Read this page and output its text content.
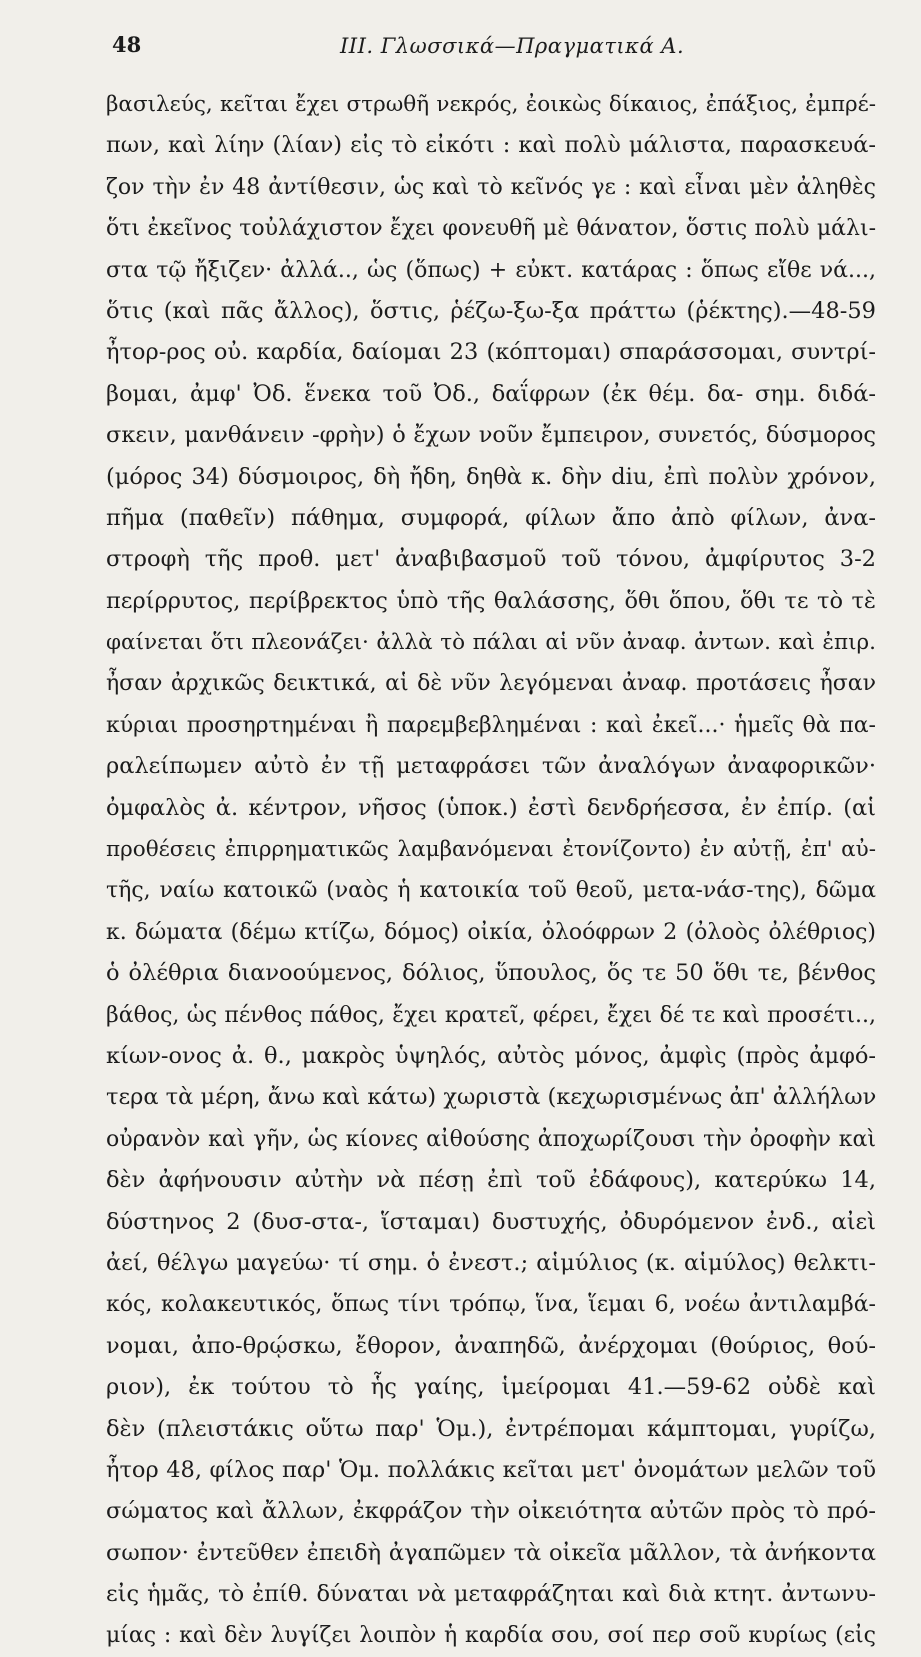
48	ΙΙΙ. Γλωσσικά—Πραγματικά Α.
βασιλεύς, κεῖται ἔχει στρωθῆ νεκρός, ἐοικὼς δίκαιος, ἐπάξιος, ἐμπρέ-
πων, καὶ λίην (λίαν) εἰς τὸ εἰκότι : καὶ πολὺ μάλιστα, παρασκευά-
ζον τὴν ἐν 48 ἀντίθεσιν, ὡς καὶ τὸ κεῖνός γε : καὶ εἶναι μὲν ἀληθὲς
ὅτι ἐκεῖνος τοὐλάχιστον ἔχει φονευθῆ μὲ θάνατον, ὅστις πολὺ μάλι-
στα τῷ ἤξιζεν· ἀλλά.., ὡς (ὅπως) + εὐκτ. κατάρας : ὅπως εἴθε νά...,
ὅτις (καὶ πᾶς ἄλλος), ὅστις, ῥέζω-ξω-ξα πράττω (ῥέκτης).—48-59
ἦτορ-ρος οὐ. καρδία, δαίομαι 23 (κόπτομαι) σπαράσσομαι, συντρί-
βομαι, ἀμφ' Ὀδ. ἕνεκα τοῦ Ὀδ., δαΐφρων (ἐκ θέμ. δα- σημ. διδά-
σκειν, μανθάνειν -φρὴν) ὁ ἔχων νοῦν ἔμπειρον, συνετός, δύσμορος
(μόρος 34) δύσμοιρος, δὴ ἤδη, δηθὰ κ. δὴν diu, ἐπὶ πολὺν χρόνον,
πῆμα (παθεῖν) πάθημα, συμφορά, φίλων ἄπο ἀπὸ φίλων, ἀνα-
στροφὴ τῆς προθ. μετ' ἀναβιβασμοῦ τοῦ τόνου, ἀμφίρυτος 3-2
περίρρυτος, περίβρεκτος ὑπὸ τῆς θαλάσσης, ὅθι ὅπου, ὅθι τε τὸ τὲ
φαίνεται ὅτι πλεονάζει· ἀλλὰ τὸ πάλαι αἱ νῦν ἀναφ. ἀντων. καὶ ἐπιρ.
ἦσαν ἀρχικῶς δεικτικά, αἱ δὲ νῦν λεγόμεναι ἀναφ. προτάσεις ἦσαν
κύριαι προσηρτημέναι ἢ παρεμβεβλημέναι : καὶ ἐκεῖ...· ἡμεῖς θὰ πα-
ραλείπωμεν αὐτὸ ἐν τῇ μεταφράσει τῶν ἀναλόγων ἀναφορικῶν·
ὀμφαλὸς ἀ. κέντρον, νῆσος (ὑποκ.) ἐστὶ δενδρήεσσα, ἐν ἐπίρ. (αἱ
προθέσεις ἐπιρρηματικῶς λαμβανόμεναι ἐτονίζοντο) ἐν αὐτῇ, ἐπ' αὐ-
τῆς, ναίω κατοικῶ (ναὸς ἡ κατοικία τοῦ θεοῦ, μετα-νάσ-της), δῶμα
κ. δώματα (δέμω κτίζω, δόμος) οἰκία, ὀλοόφρων 2 (ὀλοὸς ὀλέθριος)
ὁ ὀλέθρια διανοούμενος, δόλιος, ὕπουλος, ὅς τε 50 ὅθι τε, βένθος
βάθος, ὡς πένθος πάθος, ἔχει κρατεῖ, φέρει, ἔχει δέ τε καὶ προσέτι..,
κίων-ονος ἀ. θ., μακρὸς ὑψηλός, αὐτὸς μόνος, ἀμφὶς (πρὸς ἀμφό-
τερα τὰ μέρη, ἄνω καὶ κάτω) χωριστὰ (κεχωρισμένως ἀπ' ἀλλήλων
οὐρανὸν καὶ γῆν, ὡς κίονες αἰθούσης ἀποχωρίζουσι τὴν ὀροφὴν καὶ
δὲν ἀφήνουσιν αὐτὴν νὰ πέσῃ ἐπὶ τοῦ ἐδάφους), κατερύκω 14,
δύστηνος 2 (δυσ-στα-, ἵσταμαι) δυστυχής, ὀδυρόμενον ἐνδ., αἰεὶ
ἀεί, θέλγω μαγεύω· τί σημ. ὁ ἐνεστ.; αἱμύλιος (κ. αἱμύλος) θελκτι-
κός, κολακευτικός, ὅπως τίνι τρόπῳ, ἵνα, ἵεμαι 6, νοέω ἀντιλαμβά-
νομαι, ἀπο-θρῴσκω, ἔθορον, ἀναπηδῶ, ἀνέρχομαι (θούριος, θού-
ριον), ἐκ τούτου τὸ ἧς γαίης, ἱμείρομαι 41.—59-62 οὐδὲ καὶ
δὲν (πλειστάκις οὕτω παρ' Ὁμ.), ἐντρέπομαι κάμπτομαι, γυρίζω,
ἦτορ 48, φίλος παρ' Ὁμ. πολλάκις κεῖται μετ' ὀνομάτων μελῶν τοῦ
σώματος καὶ ἄλλων, ἐκφράζον τὴν οἰκειότητα αὐτῶν πρὸς τὸ πρό-
σωπον· ἐντεῦθεν ἐπειδὴ ἀγαπῶμεν τὰ οἰκεῖα μᾶλλον, τὰ ἀνήκοντα
εἰς ἡμᾶς, τὸ ἐπίθ. δύναται νὰ μεταφράζηται καὶ διὰ κτητ. ἀντωνυ-
μίας : καὶ δὲν λυγίζει λοιπὸν ἡ καρδία σου, σοί περ σοῦ κυρίως (εἰς
